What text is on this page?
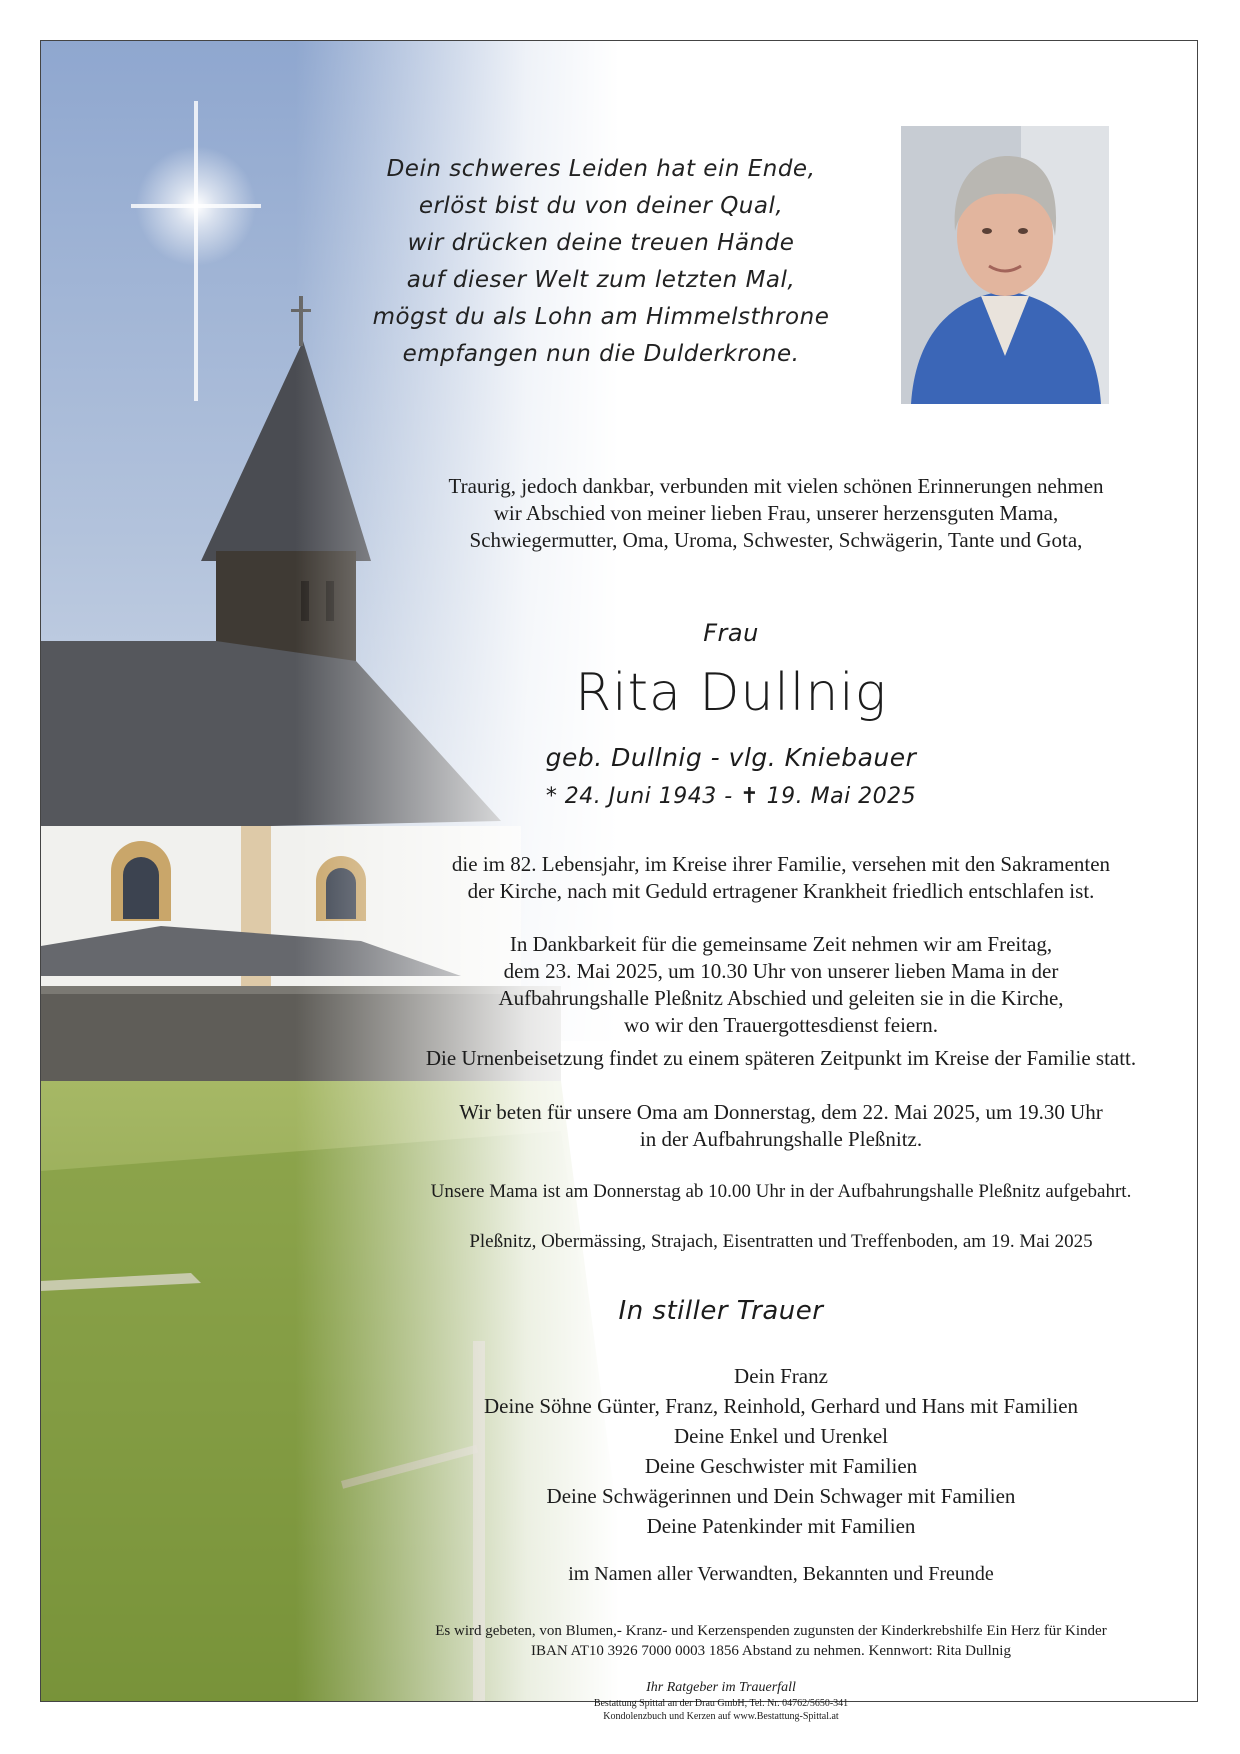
Dein schweres Leiden hat ein Ende,
erlöst bist du von deiner Qual,
wir drücken deine treuen Hände
auf dieser Welt zum letzten Mal,
mögst du als Lohn am Himmelsthrone
empfangen nun die Dulderkrone.
Traurig, jedoch dankbar, verbunden mit vielen schönen Erinnerungen nehmen
wir Abschied von meiner lieben Frau, unserer herzensguten Mama,
Schwiegermutter, Oma, Uroma, Schwester, Schwägerin, Tante und Gota,
Frau
Rita Dullnig
geb. Dullnig - vlg. Kniebauer
* 24. Juni 1943 - ✝ 19. Mai 2025
die im 82. Lebensjahr, im Kreise ihrer Familie, versehen mit den Sakramenten
der Kirche, nach mit Geduld ertragener Krankheit friedlich entschlafen ist.
In Dankbarkeit für die gemeinsame Zeit nehmen wir am Freitag,
dem 23. Mai 2025, um 10.30 Uhr von unserer lieben Mama in der
Aufbahrungshalle Pleßnitz Abschied und geleiten sie in die Kirche,
wo wir den Trauergottesdienst feiern.
Die Urnenbeisetzung findet zu einem späteren Zeitpunkt im Kreise der Familie statt.
Wir beten für unsere Oma am Donnerstag, dem 22. Mai 2025, um 19.30 Uhr
in der Aufbahrungshalle Pleßnitz.
Unsere Mama ist am Donnerstag ab 10.00 Uhr in der Aufbahrungshalle Pleßnitz aufgebahrt.
Pleßnitz, Obermässing, Strajach, Eisentratten und Treffenboden, am 19. Mai 2025
In stiller Trauer
Dein Franz
Deine Söhne Günter, Franz, Reinhold, Gerhard und Hans mit Familien
Deine Enkel und Urenkel
Deine Geschwister mit Familien
Deine Schwägerinnen und Dein Schwager mit Familien
Deine Patenkinder mit Familien
im Namen aller Verwandten, Bekannten und Freunde
Es wird gebeten, von Blumen,- Kranz- und Kerzenspenden zugunsten der Kinderkrebshilfe Ein Herz für Kinder
IBAN AT10 3926 7000 0003 1856 Abstand zu nehmen. Kennwort: Rita Dullnig
Ihr Ratgeber im Trauerfall
Bestattung Spittal an der Drau GmbH, Tel. Nr. 04762/5650-341
Kondolenzbuch und Kerzen auf www.Bestattung-Spittal.at
